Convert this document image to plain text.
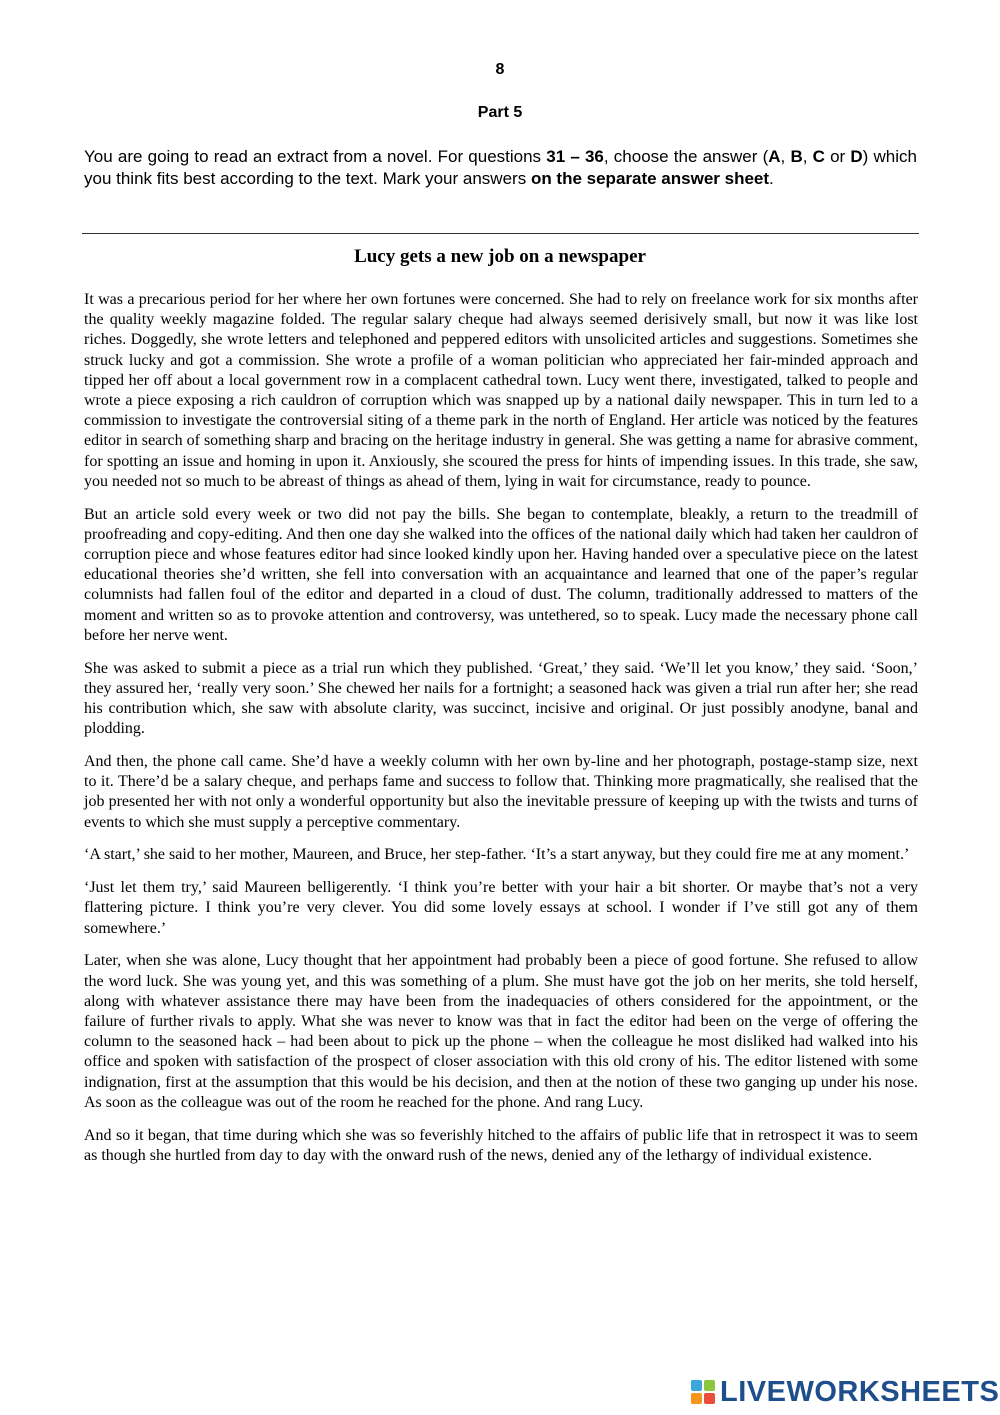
8
Part 5

You are going to read an extract from a novel. For questions 31 – 36, choose the answer (A, B, C or D) which you think fits best according to the text. Mark your answers on the separate answer sheet.

Lucy gets a new job on a newspaper

It was a precarious period for her where her own fortunes were concerned. She had to rely on freelance work for six months after the quality weekly magazine folded. The regular salary cheque had always seemed derisively small, but now it was like lost riches. Doggedly, she wrote letters and telephoned and peppered editors with unsolicited articles and suggestions. Sometimes she struck lucky and got a commission. She wrote a profile of a woman politician who appreciated her fair-minded approach and tipped her off about a local government row in a complacent cathedral town. Lucy went there, investigated, talked to people and wrote a piece exposing a rich cauldron of corruption which was snapped up by a national daily newspaper. This in turn led to a commission to investigate the controversial siting of a theme park in the north of England. Her article was noticed by the features editor in search of something sharp and bracing on the heritage industry in general. She was getting a name for abrasive comment, for spotting an issue and homing in upon it. Anxiously, she scoured the press for hints of impending issues. In this trade, she saw, you needed not so much to be abreast of things as ahead of them, lying in wait for circumstance, ready to pounce.

But an article sold every week or two did not pay the bills. She began to contemplate, bleakly, a return to the treadmill of proofreading and copy-editing. And then one day she walked into the offices of the national daily which had taken her cauldron of corruption piece and whose features editor had since looked kindly upon her. Having handed over a speculative piece on the latest educational theories she’d written, she fell into conversation with an acquaintance and learned that one of the paper’s regular columnists had fallen foul of the editor and departed in a cloud of dust. The column, traditionally addressed to matters of the moment and written so as to provoke attention and controversy, was untethered, so to speak. Lucy made the necessary phone call before her nerve went.

She was asked to submit a piece as a trial run which they published. ‘Great,’ they said. ‘We’ll let you know,’ they said. ‘Soon,’ they assured her, ‘really very soon.’ She chewed her nails for a fortnight; a seasoned hack was given a trial run after her; she read his contribution which, she saw with absolute clarity, was succinct, incisive and original. Or just possibly anodyne, banal and plodding.

And then, the phone call came. She’d have a weekly column with her own by-line and her photograph, postage-stamp size, next to it. There’d be a salary cheque, and perhaps fame and success to follow that. Thinking more pragmatically, she realised that the job presented her with not only a wonderful opportunity but also the inevitable pressure of keeping up with the twists and turns of events to which she must supply a perceptive commentary.

‘A start,’ she said to her mother, Maureen, and Bruce, her step-father. ‘It’s a start anyway, but they could fire me at any moment.’

‘Just let them try,’ said Maureen belligerently. ‘I think you’re better with your hair a bit shorter. Or maybe that’s not a very flattering picture. I think you’re very clever. You did some lovely essays at school. I wonder if I’ve still got any of them somewhere.’

Later, when she was alone, Lucy thought that her appointment had probably been a piece of good fortune. She refused to allow the word luck. She was young yet, and this was something of a plum. She must have got the job on her merits, she told herself, along with whatever assistance there may have been from the inadequacies of others considered for the appointment, or the failure of further rivals to apply. What she was never to know was that in fact the editor had been on the verge of offering the column to the seasoned hack – had been about to pick up the phone – when the colleague he most disliked had walked into his office and spoken with satisfaction of the prospect of closer association with this old crony of his. The editor listened with some indignation, first at the assumption that this would be his decision, and then at the notion of these two ganging up under his nose. As soon as the colleague was out of the room he reached for the phone. And rang Lucy.

And so it began, that time during which she was so feverishly hitched to the affairs of public life that in retrospect it was to seem as though she hurtled from day to day with the onward rush of the news, denied any of the lethargy of individual existence.

LIVEWORKSHEETS
